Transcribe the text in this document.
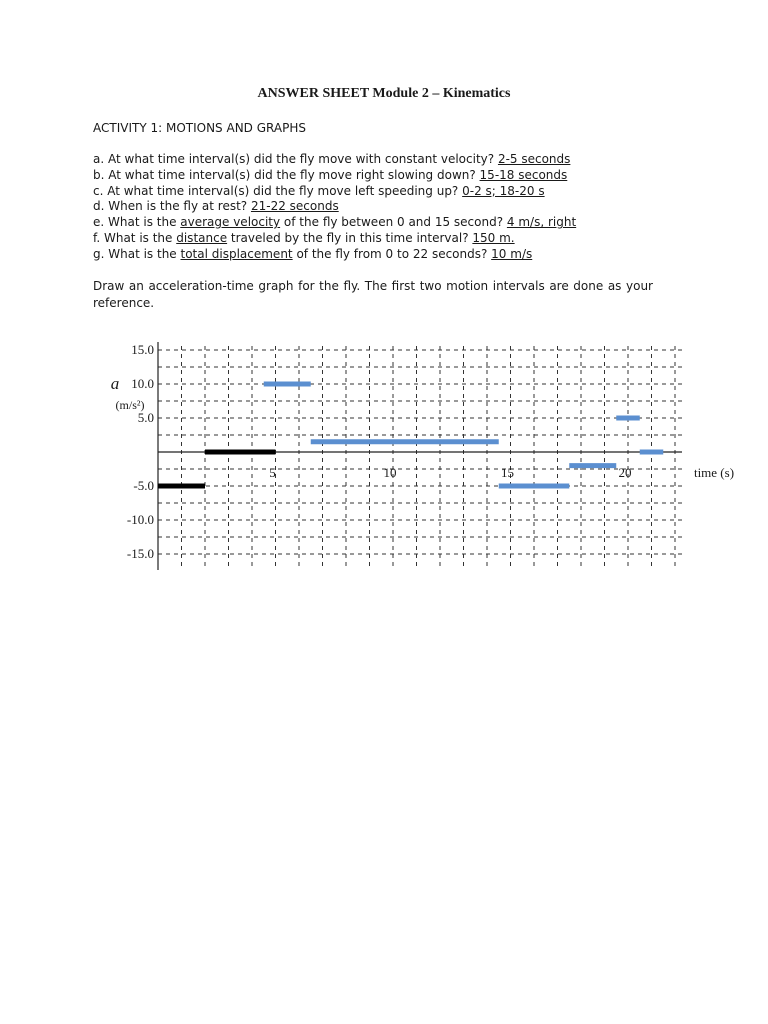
ANSWER SHEET Module 2 – Kinematics
ACTIVITY 1: MOTIONS AND GRAPHS
a. At what time interval(s) did the fly move with constant velocity? 2-5 seconds
b. At what time interval(s) did the fly move right slowing down? 15-18 seconds
c. At what time interval(s) did the fly move left speeding up? 0-2 s; 18-20 s
d. When is the fly at rest? 21-22 seconds
e. What is the average velocity of the fly between 0 and 15 second? 4 m/s, right
f. What is the distance traveled by the fly in this time interval? 150 m.
g. What is the total displacement of the fly from 0 to 22 seconds? 10 m/s
Draw an acceleration-time graph for the fly. The first two motion intervals are done as your reference.
15.0
10.0
5.0
-5.0
-10.0
-15.0
5	10	15	20
a
(m/s²)
time (s)
